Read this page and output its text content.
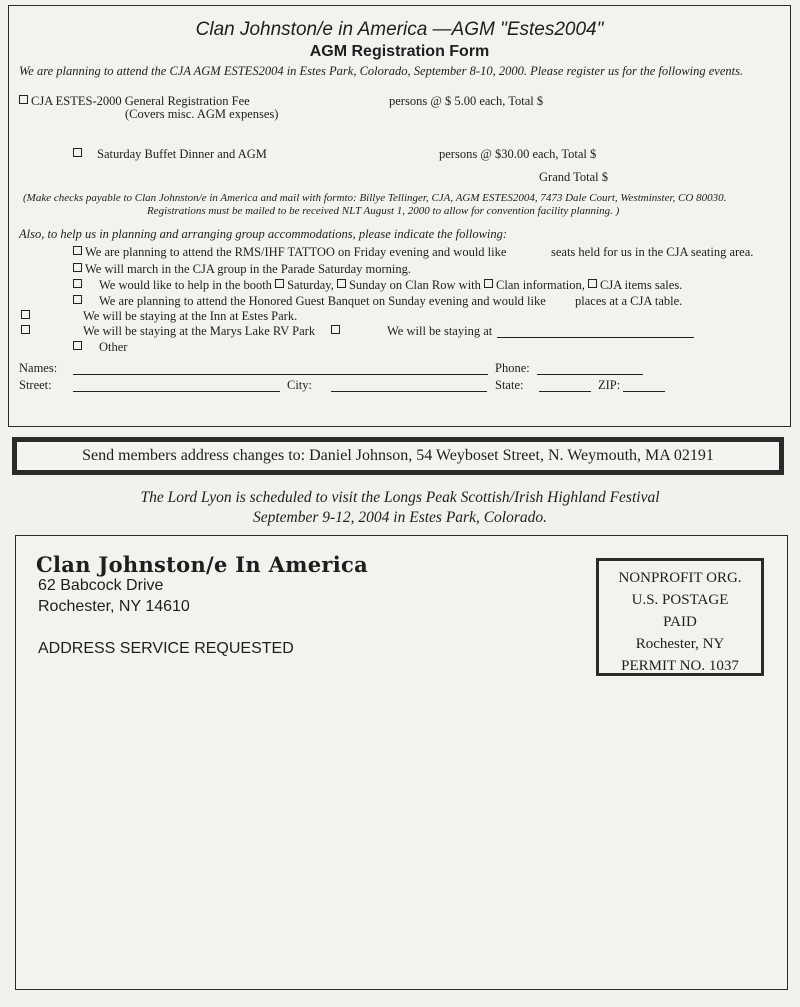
Clan Johnston/e in America —AGM "Estes2004"
AGM Registration Form
We are planning to attend the CJA AGM ESTES2004 in Estes Park, Colorado, September 8-10, 2000. Please register us for the following events.
CJA ESTES-2000 General Registration Fee
(Covers misc. AGM expenses)
persons @ $ 5.00 each, Total $
Saturday Buffet Dinner and AGM	persons @ $30.00 each, Total $
Grand Total $
(Make checks payable to Clan Johnston/e in America and mail with formto: Billye Tellinger, CJA, AGM ESTES2004, 7473 Dale Court, Westminster, CO 80030.
Registrations must be mailed to be received NLT August 1, 2000 to allow for convention facility planning. )
Also, to help us in planning and arranging group accommodations, please indicate the following:
We are planning to attend the RMS/IHF TATTOO on Friday evening and would like	seats held for us in the CJA seating area.
We will march in the CJA group in the Parade Saturday morning.
We would like to help in the booth Saturday, Sunday on Clan Row with Clan information, CJA items sales.
We are planning to attend the Honored Guest Banquet on Sunday evening and would like places at a CJA table.
We will be staying at the Inn at Estes Park.
We will be staying at the Marys Lake RV Park	We will be staying at
Other
Names:	Phone:
Street:	City:	State:	ZIP:
Send members address changes to: Daniel Johnson, 54 Weyboset Street, N. Weymouth, MA 02191
The Lord Lyon is scheduled to visit the Longs Peak Scottish/Irish Highland Festival
September 9-12, 2004 in Estes Park, Colorado.
Clan Johnston/e In America
62 Babcock Drive
Rochester, NY 14610
ADDRESS SERVICE REQUESTED
NONPROFIT ORG.
U.S. POSTAGE
PAID
Rochester, NY
PERMIT NO. 1037
